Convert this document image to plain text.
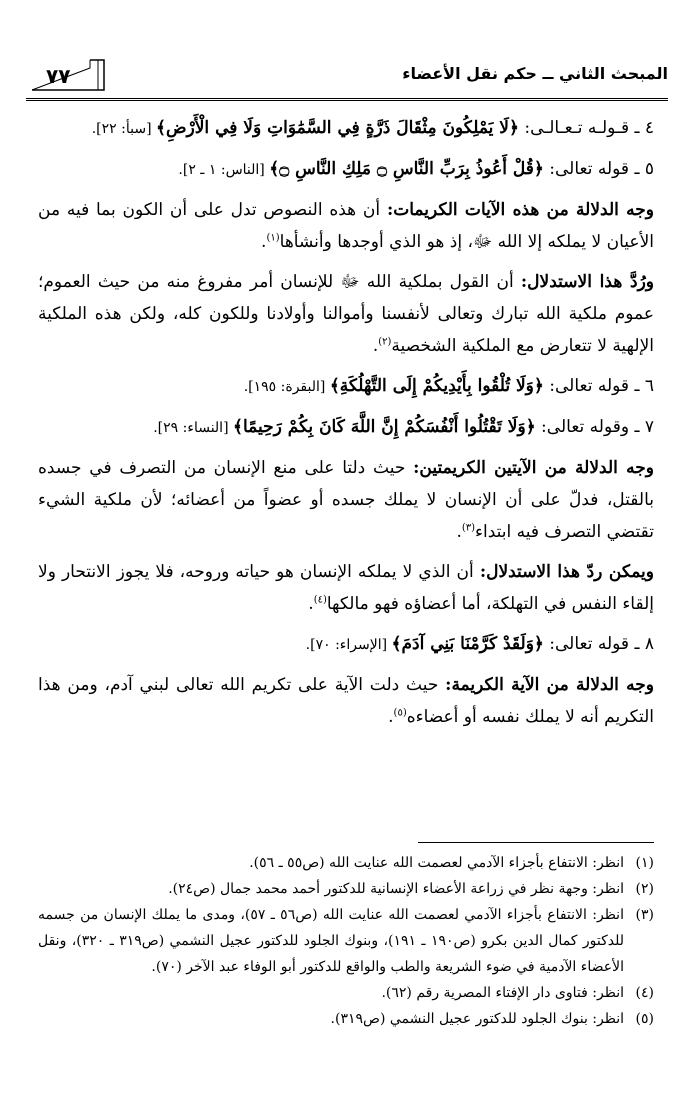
المبحث الثاني ــ حكم نقل الأعضاء
٧٧

٤ ـ قـولـه تـعـالـى: ﴿لَا يَمْلِكُونَ مِثْقَالَ ذَرَّةٍ فِي السَّمَٰوَاتِ وَلَا فِي الْأَرْضِ﴾ [سبأ: ٢٢].

٥ ـ قوله تعالى: ﴿قُلْ أَعُوذُ بِرَبِّ النَّاسِ ۝ مَلِكِ النَّاسِ ۝﴾ [الناس: ١ ـ ٢].

وجه الدلالة من هذه الآيات الكريمات: أن هذه النصوص تدل على أن الكون بما فيه من الأعيان لا يملكه إلا الله ﷻ، إذ هو الذي أوجدها وأنشأها$^{(١)}$.

ورُدَّ هذا الاستدلال: أن القول بملكية الله ﷻ للإنسان أمر مفروغ منه من حيث العموم؛ عموم ملكية الله تبارك وتعالى لأنفسنا وأموالنا وأولادنا وللكون كله، ولكن هذه الملكية الإلهية لا تتعارض مع الملكية الشخصية$^{(٢)}$.

٦ ـ قوله تعالى: ﴿وَلَا تُلْقُوا بِأَيْدِيكُمْ إِلَى التَّهْلُكَةِ﴾ [البقرة: ١٩٥].

٧ ـ وقوله تعالى: ﴿وَلَا تَقْتُلُوا أَنْفُسَكُمْ إِنَّ اللَّهَ كَانَ بِكُمْ رَحِيمًا﴾ [النساء: ٢٩].

وجه الدلالة من الآيتين الكريمتين: حيث دلتا على منع الإنسان من التصرف في جسده بالقتل، فدلّ على أن الإنسان لا يملك جسده أو عضواً من أعضائه؛ لأن ملكية الشيء تقتضي التصرف فيه ابتداء$^{(٣)}$.

ويمكن ردّ هذا الاستدلال: أن الذي لا يملكه الإنسان هو حياته وروحه، فلا يجوز الانتحار ولا إلقاء النفس في التهلكة، أما أعضاؤه فهو مالكها$^{(٤)}$.

٨ ـ قوله تعالى: ﴿وَلَقَدْ كَرَّمْنَا بَنِي آدَمَ﴾ [الإسراء: ٧٠].

وجه الدلالة من الآية الكريمة: حيث دلت الآية على تكريم الله تعالى لبني آدم، ومن هذا التكريم أنه لا يملك نفسه أو أعضاءه$^{(٥)}$.

(١)
انظر: الانتفاع بأجزاء الآدمي لعصمت الله عنايت الله (ص٥٥ ـ ٥٦).
(٢)
انظر: وجهة نظر في زراعة الأعضاء الإنسانية للدكتور أحمد محمد جمال (ص٢٤).
(٣)
انظر: الانتفاع بأجزاء الآدمي لعصمت الله عنايت الله (ص٥٦ ـ ٥٧)، ومدى ما يملك الإنسان من جسمه للدكتور كمال الدين بكرو (ص١٩٠ ـ ١٩١)، وبنوك الجلود للدكتور عجيل النشمي (ص٣١٩ ـ ٣٢٠)، ونقل الأعضاء الآدمية في ضوء الشريعة والطب والواقع للدكتور أبو الوفاء عبد الآخر (٧٠).
(٤)
انظر: فتاوى دار الإفتاء المصرية رقم (٦٢).
(٥)
انظر: بنوك الجلود للدكتور عجيل النشمي (ص٣١٩).
